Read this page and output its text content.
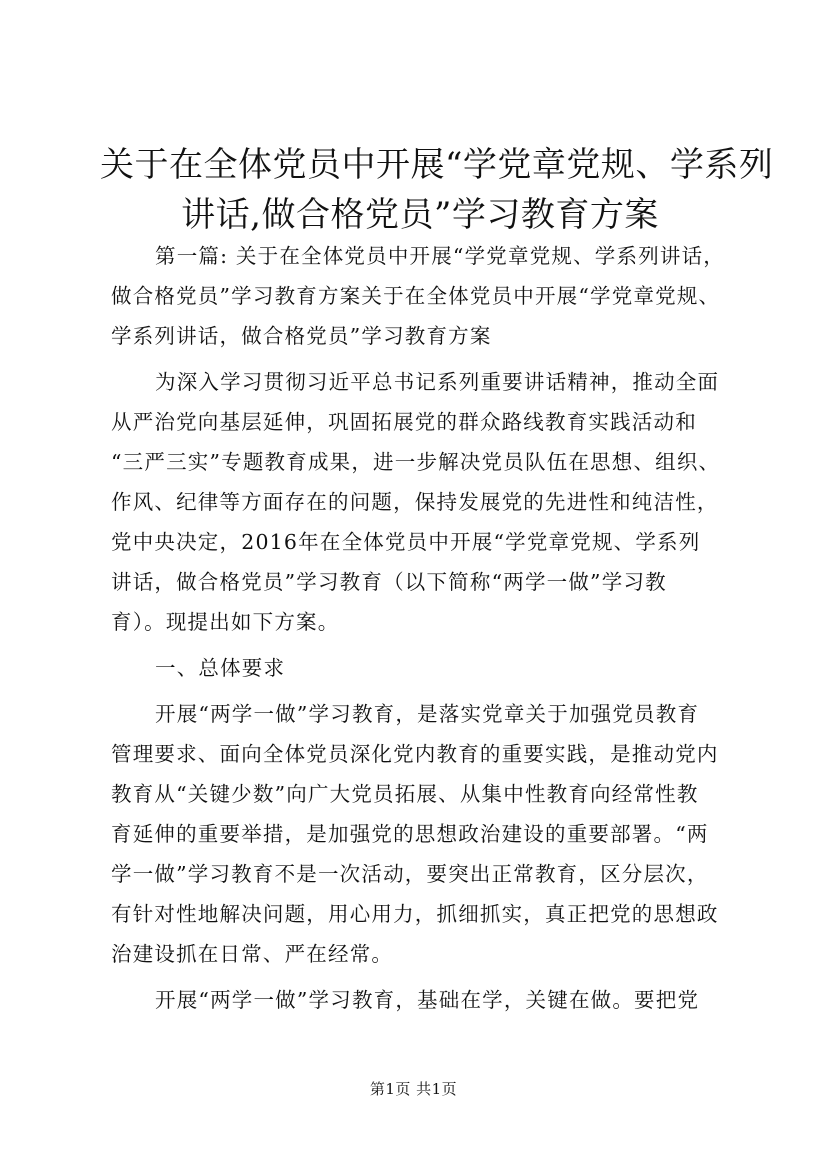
关于在全体党员中开展“学党章党规、学系列
讲话,做合格党员”学习教育方案
第一篇: 关于在全体党员中开展“学党章党规、学系列讲话，
做合格党员”学习教育方案关于在全体党员中开展“学党章党规、
学系列讲话，做合格党员”学习教育方案
为深入学习贯彻习近平总书记系列重要讲话精神，推动全面
从严治党向基层延伸，巩固拓展党的群众路线教育实践活动和
“三严三实”专题教育成果，进一步解决党员队伍在思想、组织、
作风、纪律等方面存在的问题，保持发展党的先进性和纯洁性，
党中央决定，2016年在全体党员中开展“学党章党规、学系列
讲话，做合格党员”学习教育（以下简称“两学一做”学习教
育）。现提出如下方案。
一、总体要求
开展“两学一做”学习教育，是落实党章关于加强党员教育
管理要求、面向全体党员深化党内教育的重要实践，是推动党内
教育从“关键少数”向广大党员拓展、从集中性教育向经常性教
育延伸的重要举措，是加强党的思想政治建设的重要部署。“两
学一做”学习教育不是一次活动，要突出正常教育，区分层次，
有针对性地解决问题，用心用力，抓细抓实，真正把党的思想政
治建设抓在日常、严在经常。
开展“两学一做”学习教育，基础在学，关键在做。要把党
第1页 共1页
